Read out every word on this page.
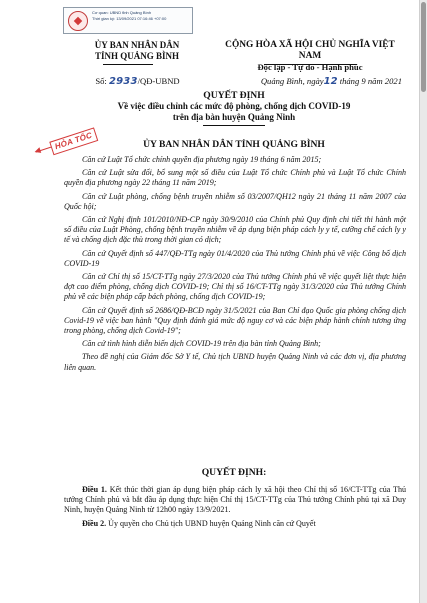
Cơ quan: UBND tỉnh Quảng Bình
Thời gian ký: 13/09/2021 07:16:46 +07:00
ỦY BAN NHÂN DÂN
TỈNH QUẢNG BÌNH
CỘNG HÒA XÃ HỘI CHỦ NGHĨA VIỆT NAM
Độc lập - Tự do - Hạnh phúc
Số: 2933/QĐ-UBND	Quảng Bình, ngày12 tháng 9 năm 2021
QUYẾT ĐỊNH
Về việc điều chỉnh các mức độ phòng, chống dịch COVID-19
trên địa bàn huyện Quảng Ninh
HỎA TỐC	ỦY BAN NHÂN DÂN TỈNH QUẢNG BÌNH

Căn cứ Luật Tổ chức chính quyền địa phương ngày 19 tháng 6 năm 2015;

Căn cứ Luật sửa đổi, bổ sung một số điều của Luật Tổ chức Chính phủ và Luật Tổ chức Chính quyền địa phương ngày 22 tháng 11 năm 2019;

Căn cứ Luật phòng, chống bệnh truyền nhiễm số 03/2007/QH12 ngày 21 tháng 11 năm 2007 của Quốc hội;

Căn cứ Nghị định 101/2010/NĐ-CP ngày 30/9/2010 của Chính phủ Quy định chi tiết thi hành một số điều của Luật Phòng, chống bệnh truyền nhiễm về áp dụng biện pháp cách ly y tế, cưỡng chế cách ly y tế và chống dịch đặc thù trong thời gian có dịch;

Căn cứ Quyết định số 447/QĐ-TTg ngày 01/4/2020 của Thủ tướng Chính phủ về việc Công bố dịch COVID-19

Căn cứ Chỉ thị số 15/CT-TTg ngày 27/3/2020 của Thủ tướng Chính phủ về việc quyết liệt thực hiện đợt cao điểm phòng, chống dịch COVID-19; Chỉ thị số 16/CT-TTg ngày 31/3/2020 của Thủ tướng Chính phủ về các biện pháp cấp bách phòng, chống dịch COVID-19;

Căn cứ Quyết định số 2686/QĐ-BCĐ ngày 31/5/2021 của Ban Chỉ đạo Quốc gia phòng chống dịch Covid-19 về việc ban hành "Quy định đánh giá mức độ nguy cơ và các biện pháp hành chính tương ứng trong phòng, chống dịch Covid-19";

Căn cứ tình hình diễn biến dịch COVID-19 trên địa bàn tỉnh Quảng Bình;

Theo đề nghị của Giám đốc Sở Y tế, Chủ tịch UBND huyện Quảng Ninh và các đơn vị, địa phương liên quan.

QUYẾT ĐỊNH:

Điều 1. Kết thúc thời gian áp dụng biện pháp cách ly xã hội theo Chỉ thị số 16/CT-TTg của Thủ tướng Chính phủ và bắt đầu áp dụng thực hiện Chỉ thị 15/CT-TTg của Thủ tướng Chính phủ tại xã Duy Ninh, huyện Quảng Ninh từ 12h00 ngày 13/9/2021.

Điều 2. Ủy quyền cho Chủ tịch UBND huyện Quảng Ninh căn cứ Quyết
